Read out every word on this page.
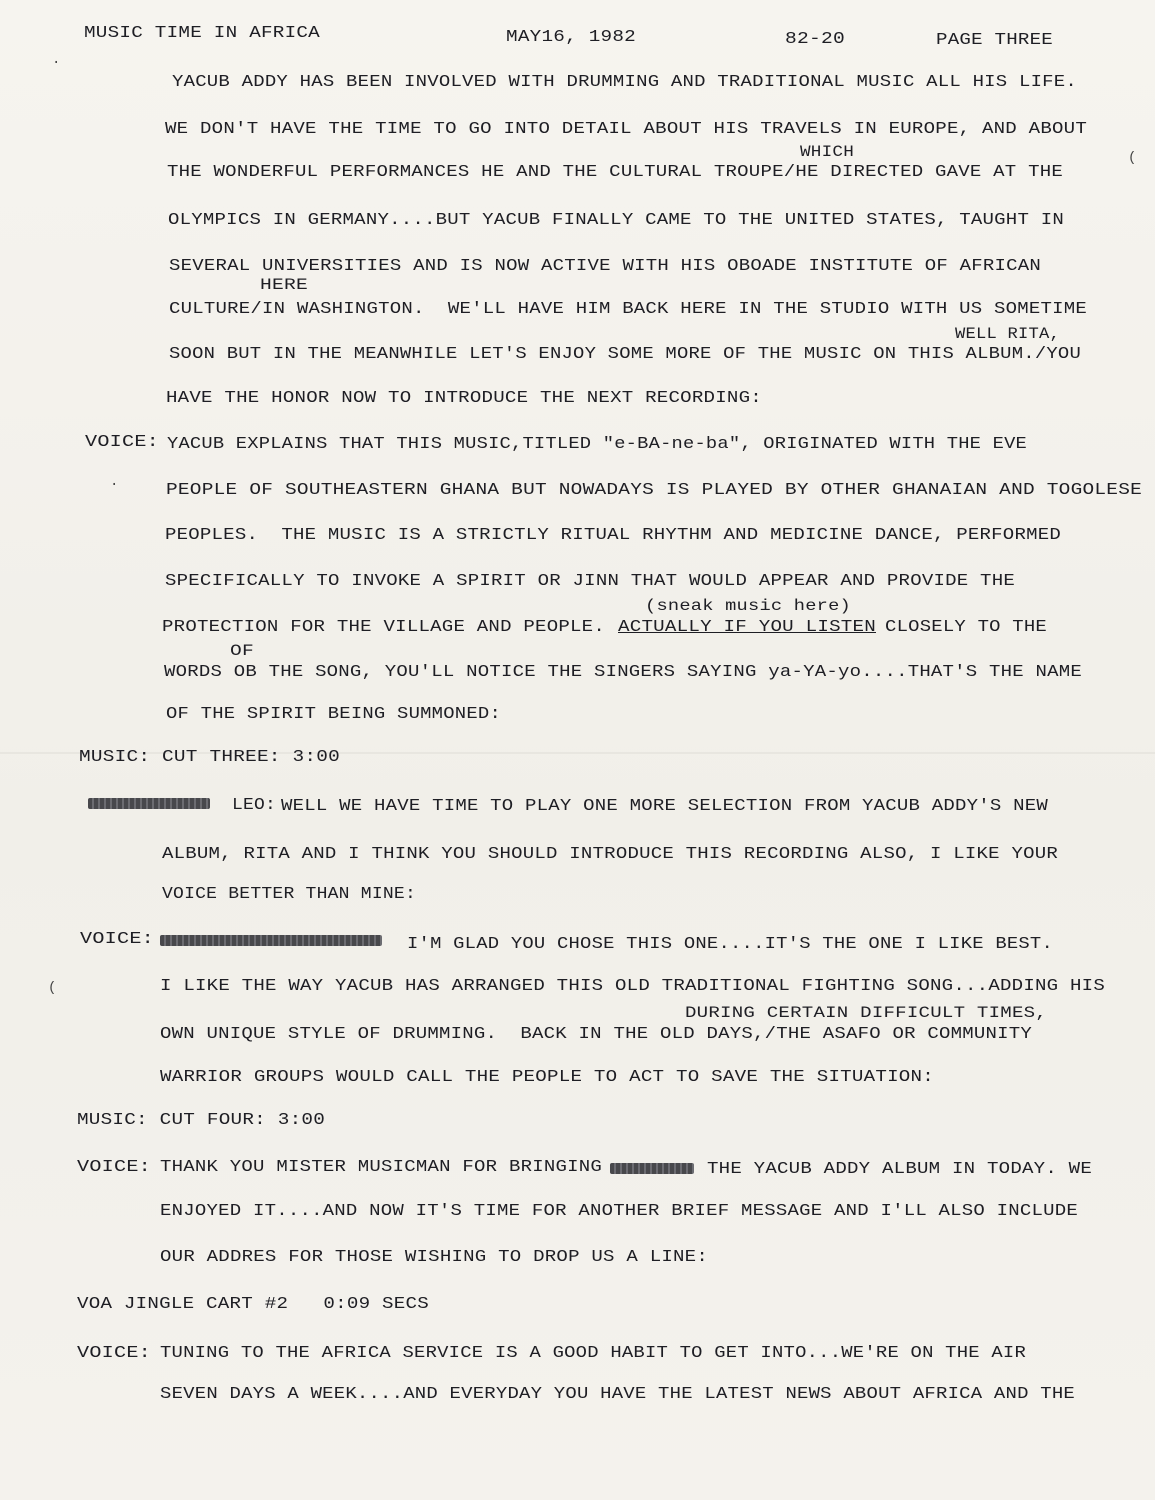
MUSIC TIME IN AFRICA	MAY16, 1982	82-20	PAGE THREE
YACUB ADDY HAS BEEN INVOLVED WITH DRUMMING AND TRADITIONAL MUSIC ALL HIS LIFE.
WE DON'T HAVE THE TIME TO GO INTO DETAIL ABOUT HIS TRAVELS IN EUROPE, AND ABOUT
WHICH
THE WONDERFUL PERFORMANCES HE AND THE CULTURAL TROUPE/HE DIRECTED GAVE AT THE
OLYMPICS IN GERMANY....BUT YACUB FINALLY CAME TO THE UNITED STATES, TAUGHT IN
SEVERAL UNIVERSITIES AND IS NOW ACTIVE WITH HIS OBOADE INSTITUTE OF AFRICAN
HERE
CULTURE/IN WASHINGTON.  WE'LL HAVE HIM BACK HERE IN THE STUDIO WITH US SOMETIME
WELL RITA,
SOON BUT IN THE MEANWHILE LET'S ENJOY SOME MORE OF THE MUSIC ON THIS ALBUM./YOU
HAVE THE HONOR NOW TO INTRODUCE THE NEXT RECORDING:
VOICE: YACUB EXPLAINS THAT THIS MUSIC,TITLED "e-BA-ne-ba", ORIGINATED WITH THE EVE
PEOPLE OF SOUTHEASTERN GHANA BUT NOWADAYS IS PLAYED BY OTHER GHANAIAN AND TOGOLESE
PEOPLES.  THE MUSIC IS A STRICTLY RITUAL RHYTHM AND MEDICINE DANCE, PERFORMED
SPECIFICALLY TO INVOKE A SPIRIT OR JINN THAT WOULD APPEAR AND PROVIDE THE
(sneak music here)
PROTECTION FOR THE VILLAGE AND PEOPLE. ACTUALLY IF YOU LISTEN CLOSELY TO THE
OF
WORDS OB THE SONG, YOU'LL NOTICE THE SINGERS SAYING ya-YA-yo....THAT'S THE NAME
OF THE SPIRIT BEING SUMMONED:
MUSIC: CUT THREE: 3:00
LEO: WELL WE HAVE TIME TO PLAY ONE MORE SELECTION FROM YACUB ADDY'S NEW
ALBUM, RITA AND I THINK YOU SHOULD INTRODUCE THIS RECORDING ALSO, I LIKE YOUR
VOICE BETTER THAN MINE:
VOICE:	I'M GLAD YOU CHOSE THIS ONE....IT'S THE ONE I LIKE BEST.
I LIKE THE WAY YACUB HAS ARRANGED THIS OLD TRADITIONAL FIGHTING SONG...ADDING HIS
DURING CERTAIN DIFFICULT TIMES,
OWN UNIQUE STYLE OF DRUMMING.  BACK IN THE OLD DAYS,/THE ASAFO OR COMMUNITY
WARRIOR GROUPS WOULD CALL THE PEOPLE TO ACT TO SAVE THE SITUATION:
MUSIC: CUT FOUR: 3:00
VOICE: THANK YOU MISTER MUSICMAN FOR BRINGING	THE YACUB ADDY ALBUM IN TODAY. WE
ENJOYED IT....AND NOW IT'S TIME FOR ANOTHER BRIEF MESSAGE AND I'LL ALSO INCLUDE
OUR ADDRES FOR THOSE WISHING TO DROP US A LINE:
VOA JINGLE CART #2   0:09 SECS
VOICE: TUNING TO THE AFRICA SERVICE IS A GOOD HABIT TO GET INTO...WE'RE ON THE AIR
SEVEN DAYS A WEEK....AND EVERYDAY YOU HAVE THE LATEST NEWS ABOUT AFRICA AND THE
·
·
(
(
